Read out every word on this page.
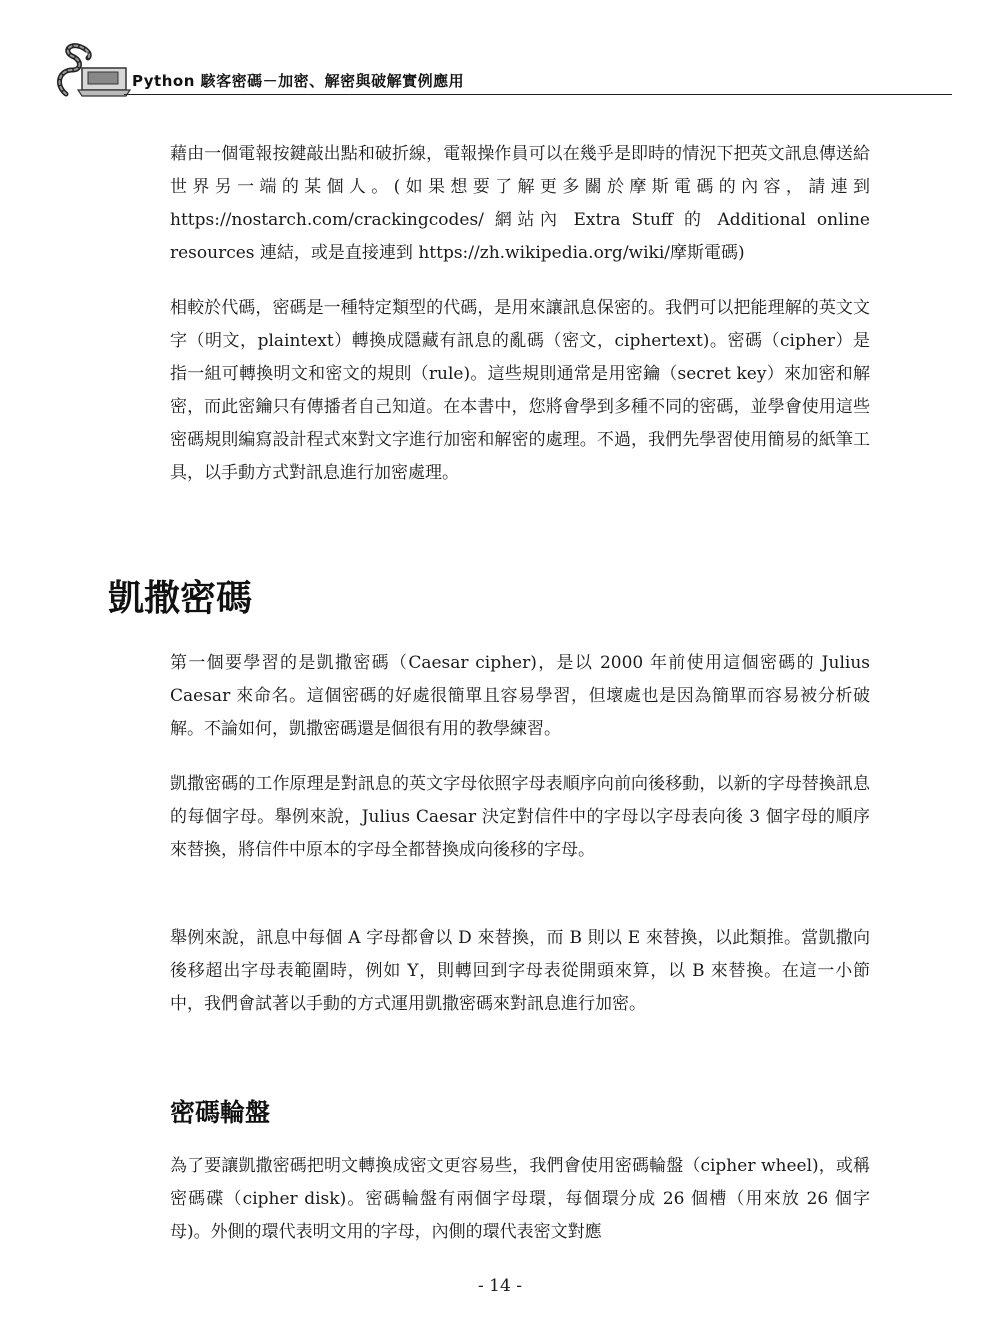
Python 駭客密碼－加密、解密與破解實例應用

藉由一個電報按鍵敲出點和破折線，電報操作員可以在幾乎是即時的情況下把英文訊息傳送給世界另一端的某個人。(如果想要了解更多關於摩斯電碼的內容，請連到 https://nostarch.com/crackingcodes/ 網站內 Extra Stuff 的 Additional online resources 連結，或是直接連到 https://zh.wikipedia.org/wiki/摩斯電碼)

相較於代碼，密碼是一種特定類型的代碼，是用來讓訊息保密的。我們可以把能理解的英文文字（明文，plaintext）轉換成隱藏有訊息的亂碼（密文，ciphertext)。密碼（cipher）是指一組可轉換明文和密文的規則（rule)。這些規則通常是用密鑰（secret key）來加密和解密，而此密鑰只有傳播者自己知道。在本書中，您將會學到多種不同的密碼，並學會使用這些密碼規則編寫設計程式來對文字進行加密和解密的處理。不過，我們先學習使用簡易的紙筆工具，以手動方式對訊息進行加密處理。

凱撒密碼

第一個要學習的是凱撒密碼（Caesar cipher)，是以 2000 年前使用這個密碼的 Julius Caesar 來命名。這個密碼的好處很簡單且容易學習，但壞處也是因為簡單而容易被分析破解。不論如何，凱撒密碼還是個很有用的教學練習。

凱撒密碼的工作原理是對訊息的英文字母依照字母表順序向前向後移動，以新的字母替換訊息的每個字母。舉例來說，Julius Caesar 決定對信件中的字母以字母表向後 3 個字母的順序來替換，將信件中原本的字母全都替換成向後移的字母。

舉例來說，訊息中每個 A 字母都會以 D 來替換，而 B 則以 E 來替換，以此類推。當凱撒向後移超出字母表範圍時，例如 Y，則轉回到字母表從開頭來算，以 B 來替換。在這一小節中，我們會試著以手動的方式運用凱撒密碼來對訊息進行加密。

密碼輪盤

為了要讓凱撒密碼把明文轉換成密文更容易些，我們會使用密碼輪盤（cipher wheel)，或稱密碼碟（cipher disk)。密碼輪盤有兩個字母環，每個環分成 26 個槽（用來放 26 個字母)。外側的環代表明文用的字母，內側的環代表密文對應

- 14 -
